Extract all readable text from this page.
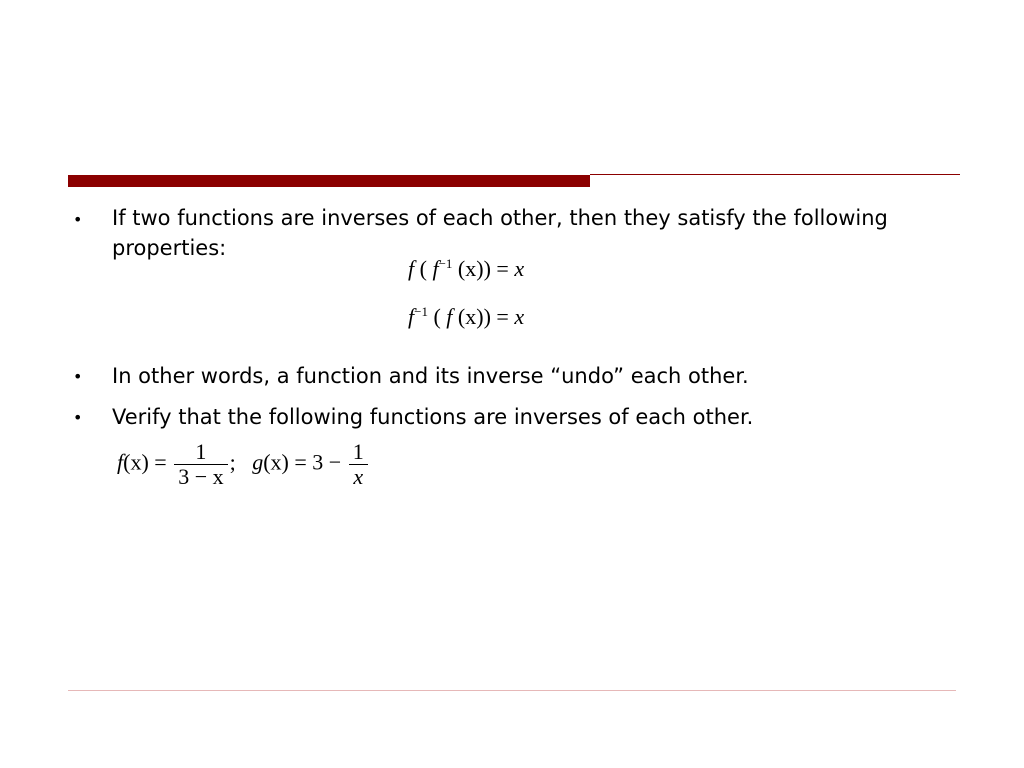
• If two functions are inverses of each other, then they satisfy the following properties:
• In other words, a function and its inverse “undo” each other.
• Verify that the following functions are inverses of each other.
f ( $f^{-1}$ (x)) = x
$f^{-1}$ ( f (x)) = x
$f(x) = \frac{1}{3 - x}$ ; $g(x) = 3 - \frac{1}{x}$
